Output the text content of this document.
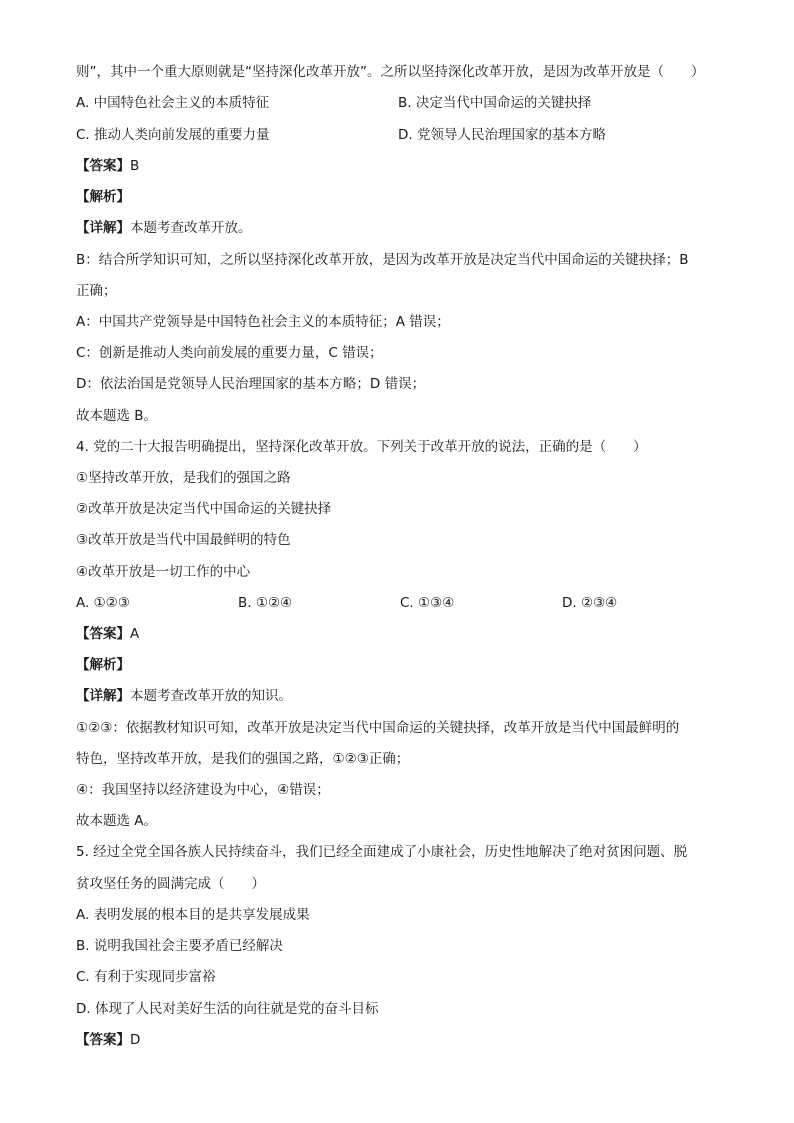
则”，其中一个重大原则就是“坚持深化改革开放”。之所以坚持深化改革开放，是因为改革开放是（　　）
A. 中国特色社会主义的本质特征	B. 决定当代中国命运的关键抉择
C. 推动人类向前发展的重要力量	D. 党领导人民治理国家的基本方略
【答案】B
【解析】
【详解】本题考查改革开放。
B：结合所学知识可知，之所以坚持深化改革开放，是因为改革开放是决定当代中国命运的关键抉择；B
正确；
A：中国共产党领导是中国特色社会主义的本质特征；A 错误；
C：创新是推动人类向前发展的重要力量，C 错误；
D：依法治国是党领导人民治理国家的基本方略；D 错误；
故本题选 B。
4. 党的二十大报告明确提出，坚持深化改革开放。下列关于改革开放的说法，正确的是（　　）
①坚持改革开放，是我们的强国之路
②改革开放是决定当代中国命运的关键抉择
③改革开放是当代中国最鲜明的特色
④改革开放是一切工作的中心
A. ①②③	B. ①②④	C. ①③④	D. ②③④
【答案】A
【解析】
【详解】本题考查改革开放的知识。
①②③：依据教材知识可知，改革开放是决定当代中国命运的关键抉择，改革开放是当代中国最鲜明的
特色，坚持改革开放，是我们的强国之路，①②③正确；
④：我国坚持以经济建设为中心，④错误；
故本题选 A。
5. 经过全党全国各族人民持续奋斗，我们已经全面建成了小康社会，历史性地解决了绝对贫困问题、脱
贫攻坚任务的圆满完成（　　）
A. 表明发展的根本目的是共享发展成果
B. 说明我国社会主要矛盾已经解决
C. 有利于实现同步富裕
D. 体现了人民对美好生活的向往就是党的奋斗目标
【答案】D
